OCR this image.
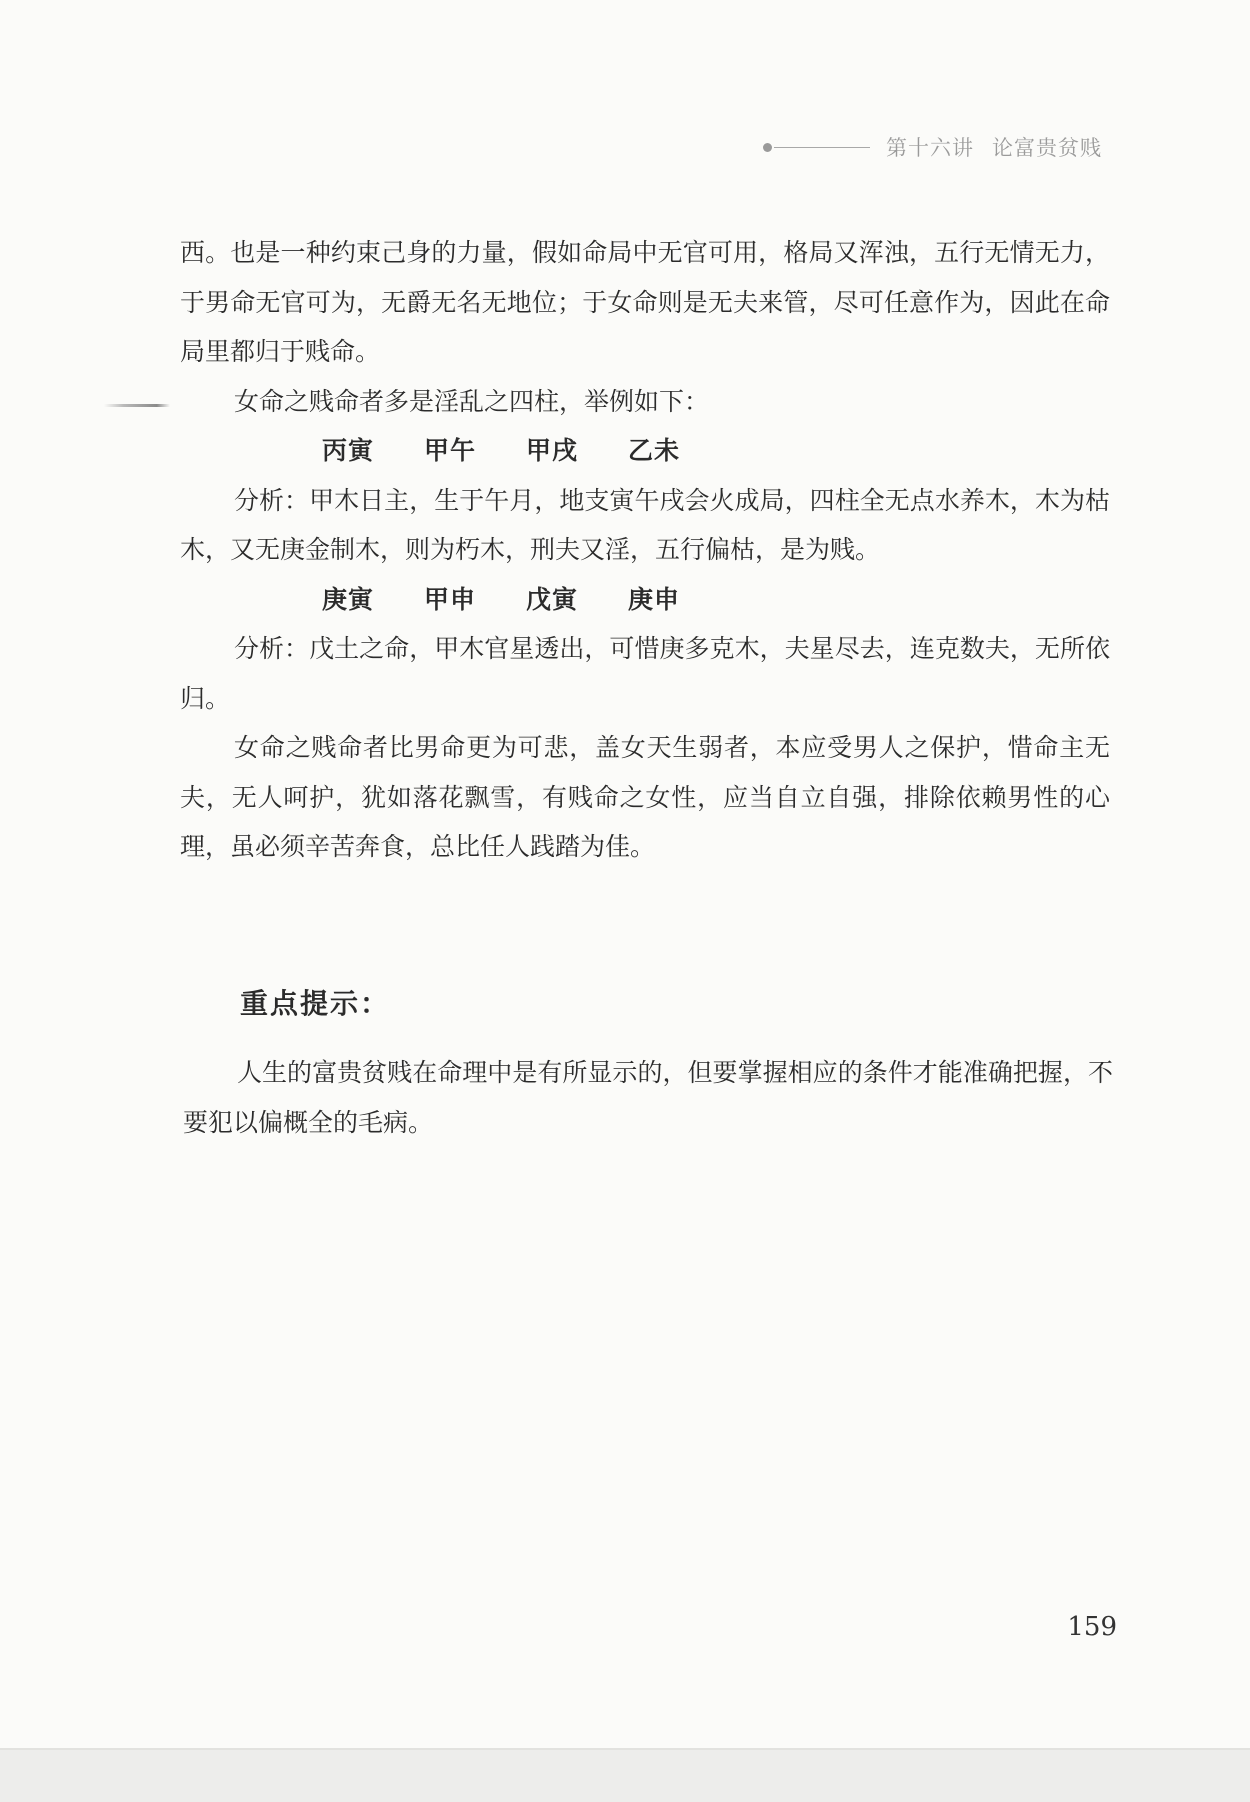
第十六讲 论富贵贫贱

西。也是一种约束己身的力量，假如命局中无官可用，格局又浑浊，五行无情无力，于男命无官可为，无爵无名无地位；于女命则是无夫来管，尽可任意作为，因此在命局里都归于贱命。

女命之贱命者多是淫乱之四柱，举例如下：

丙寅 甲午 甲戌 乙未

分析：甲木日主，生于午月，地支寅午戌会火成局，四柱全无点水养木，木为枯木，又无庚金制木，则为朽木，刑夫又淫，五行偏枯，是为贱。

庚寅 甲申 戊寅 庚申

分析：戊土之命，甲木官星透出，可惜庚多克木，夫星尽去，连克数夫，无所依归。

女命之贱命者比男命更为可悲，盖女天生弱者，本应受男人之保护，惜命主无夫，无人呵护，犹如落花飘雪，有贱命之女性，应当自立自强，排除依赖男性的心理，虽必须辛苦奔食，总比任人践踏为佳。

重点提示：

人生的富贵贫贱在命理中是有所显示的，但要掌握相应的条件才能准确把握，不要犯以偏概全的毛病。

159
